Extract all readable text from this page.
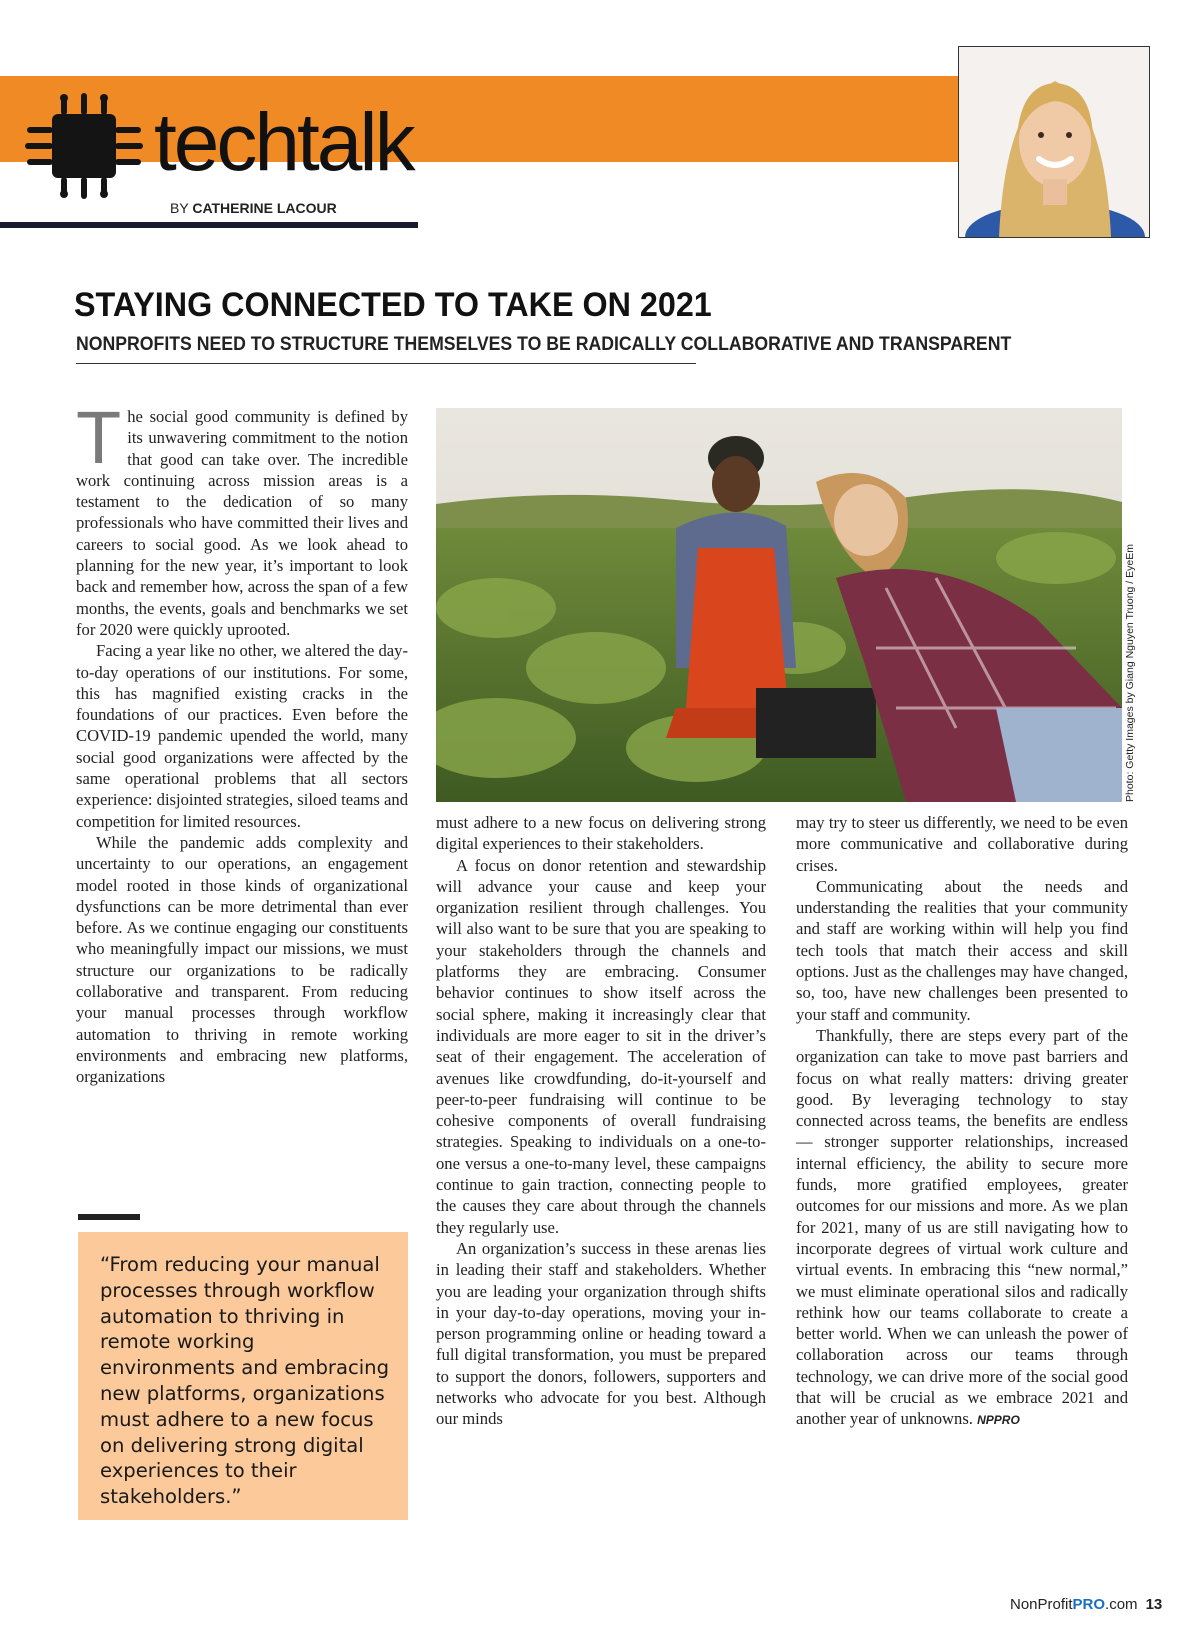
techtalk
BY CATHERINE LACOUR
STAYING CONNECTED TO TAKE ON 2021
NONPROFITS NEED TO STRUCTURE THEMSELVES TO BE RADICALLY COLLABORATIVE AND TRANSPARENT

The social good community is defined by its unwavering commitment to the notion that good can take over. The incredible work continuing across mission areas is a testament to the dedication of so many professionals who have committed their lives and careers to social good. As we look ahead to planning for the new year, it’s important to look back and remember how, across the span of a few months, the events, goals and benchmarks we set for 2020 were quickly uprooted.

Facing a year like no other, we altered the day-to-day operations of our institutions. For some, this has magnified existing cracks in the foundations of our practices. Even before the COVID-19 pandemic upended the world, many social good organizations were affected by the same operational problems that all sectors experience: disjointed strategies, siloed teams and competition for limited resources.

While the pandemic adds complexity and uncertainty to our operations, an engagement model rooted in those kinds of organizational dysfunctions can be more detrimental than ever before. As we continue engaging our constituents who meaningfully impact our missions, we must structure our organizations to be radically collaborative and transparent. From reducing your manual processes through workflow automation to thriving in remote working environments and embracing new platforms, organizations

Photo: Getty Images by Giang Nguyen Truong / EyeEm

must adhere to a new focus on delivering strong digital experiences to their stakeholders.

A focus on donor retention and stewardship will advance your cause and keep your organization resilient through challenges. You will also want to be sure that you are speaking to your stakeholders through the channels and platforms they are embracing. Consumer behavior continues to show itself across the social sphere, making it increasingly clear that individuals are more eager to sit in the driver’s seat of their engagement. The acceleration of avenues like crowdfunding, do-it-yourself and peer-to-peer fundraising will continue to be cohesive components of overall fundraising strategies. Speaking to individuals on a one-to-one versus a one-to-many level, these campaigns continue to gain traction, connecting people to the causes they care about through the channels they regularly use.

An organization’s success in these arenas lies in leading their staff and stakeholders. Whether you are leading your organization through shifts in your day-to-day operations, moving your in-person programming online or heading toward a full digital transformation, you must be prepared to support the donors, followers, supporters and networks who advocate for you best. Although our minds

may try to steer us differently, we need to be even more communicative and collaborative during crises.

Communicating about the needs and understanding the realities that your community and staff are working within will help you find tech tools that match their access and skill options. Just as the challenges may have changed, so, too, have new challenges been presented to your staff and community.

Thankfully, there are steps every part of the organization can take to move past barriers and focus on what really matters: driving greater good. By leveraging technology to stay connected across teams, the benefits are endless — stronger supporter relationships, increased internal efficiency, the ability to secure more funds, more gratified employees, greater outcomes for our missions and more. As we plan for 2021, many of us are still navigating how to incorporate degrees of virtual work culture and virtual events. In embracing this “new normal,” we must eliminate operational silos and radically rethink how our teams collaborate to create a better world. When we can unleash the power of collaboration across our teams through technology, we can drive more of the social good that will be crucial as we embrace 2021 and another year of unknowns. NPPRO

“From reducing your manual processes through workflow automation to thriving in remote working environments and embracing new platforms, organizations must adhere to a new focus on delivering strong digital experiences to their stakeholders.”
NonProfitPRO.com 13
